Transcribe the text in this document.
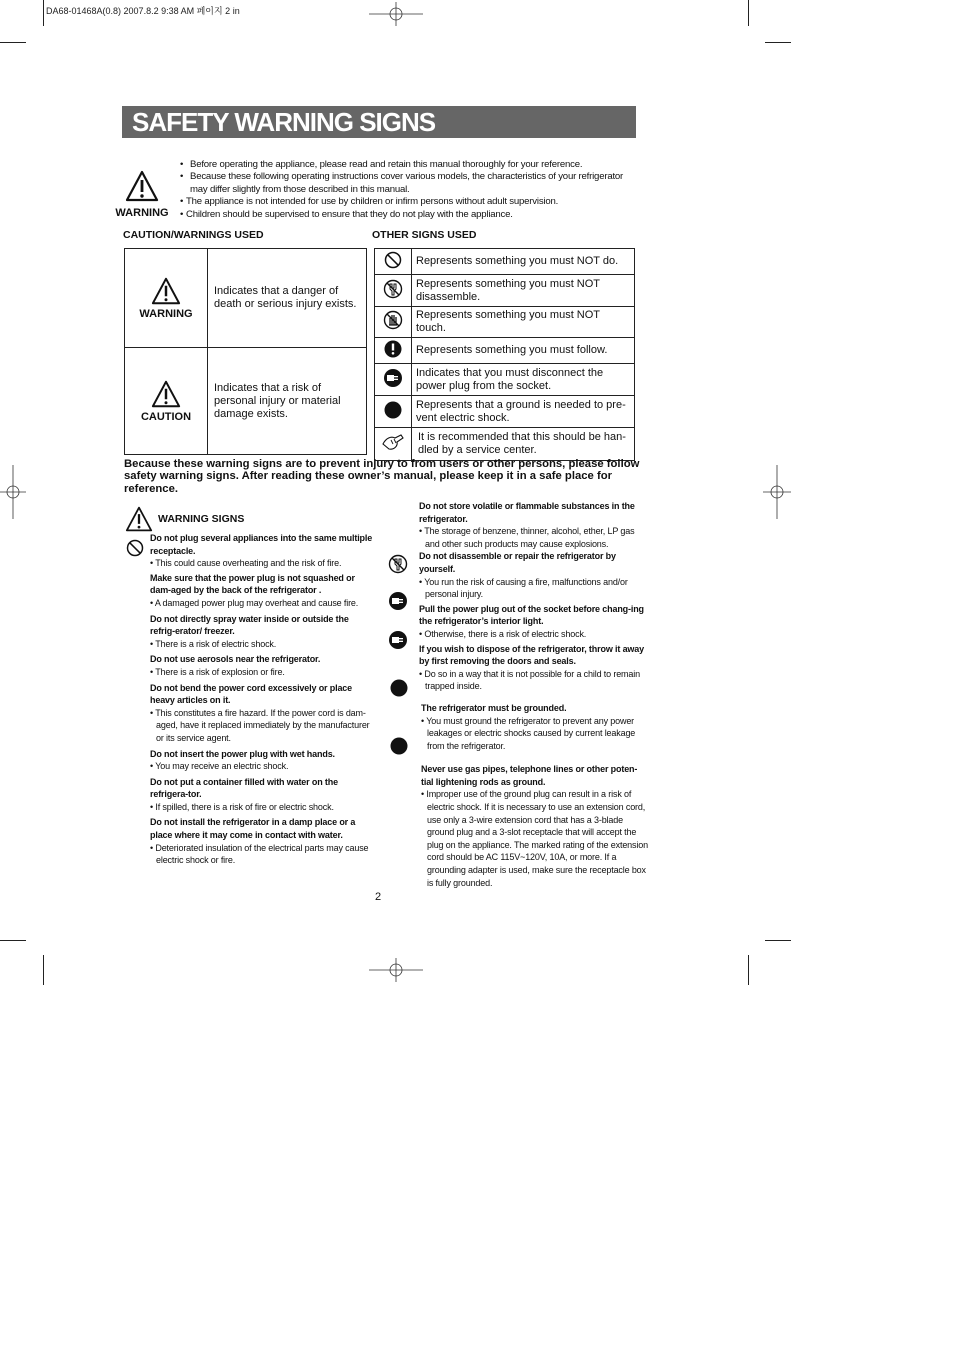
DA68-01468A(0.8) 2007.8.2 9:38 AM 페이지 2 in
SAFETY WARNING SIGNS
WARNING
• Before operating the appliance, please read and retain this manual thoroughly for your reference.
• Because these following operating instructions cover various models, the characteristics of your refrigerator may differ slightly from those described in this manual.
• The appliance is not intended for use by children or infirm persons without adult supervision.
• Children should be supervised to ensure that they do not play with the appliance.
CAUTION/WARNINGS USED	OTHER SIGNS USED
WARNING	Indicates that a danger of death or serious injury exists.

CAUTION	Indicates that a risk of personal injury or material damage exists.
	Represents something you must NOT do.
	Represents something you must NOT disassemble.
	Represents something you must NOT touch.
	Represents something you must follow.
	Indicates that you must disconnect the power plug from the socket.
	Represents that a ground is needed to pre-vent electric shock.
	It is recommended that this should be han-dled by a service center.
Because these warning signs are to prevent injury to from users or other persons, please follow safety warning signs. After reading these owner’s manual, please keep it in a safe place for reference.
WARNING SIGNS
Do not plug several appliances into the same multiple receptacle.
• This could cause overheating and the risk of fire.
Make sure that the power plug is not squashed or dam-aged by the back of the refrigerator .
• A damaged power plug may overheat and cause fire.
Do not directly spray water inside or outside the refrig-erator/ freezer.
• There is a risk of electric shock.
Do not use aerosols near the refrigerator.
• There is a risk of explosion or fire.
Do not bend the power cord excessively or place heavy articles on it.
• This constitutes a fire hazard. If the power cord is dam-aged, have it replaced immediately by the manufacturer or its service agent.
Do not insert the power plug with wet hands.
• You may receive an electric shock.
Do not put a container filled with water on the refrigera-tor.
• If spilled, there is a risk of fire or electric shock.
Do not install the refrigerator in a damp place or a place where it may come in contact with water.
• Deteriorated insulation of the electrical parts may cause electric shock or fire.
Do not store volatile or flammable substances in the refrigerator.
• The storage of benzene, thinner, alcohol, ether, LP gas and other such products may cause explosions.
Do not disassemble or repair the refrigerator by yourself.
• You run the risk of causing a fire, malfunctions and/or personal injury.
Pull the power plug out of the socket before chang-ing the refrigerator’s interior light.
• Otherwise, there is a risk of electric shock.
If you wish to dispose of the refrigerator, throw it away by first removing the doors and seals.
• Do so in a way that it is not possible for a child to remain trapped inside.
The refrigerator must be grounded.
• You must ground the refrigerator to prevent any power leakages or electric shocks caused by current leakage from the refrigerator.
Never use gas pipes, telephone lines or other poten-tial lightening rods as ground.
• Improper use of the ground plug can result in a risk of electric shock. If it is necessary to use an extension cord, use only a 3-wire extension cord that has a 3-blade ground plug and a 3-slot receptacle that will accept the plug on the appliance. The marked rating of the extension cord should be AC 115V~120V, 10A, or more. If a grounding adapter is used, make sure the receptacle box is fully grounded.
2
